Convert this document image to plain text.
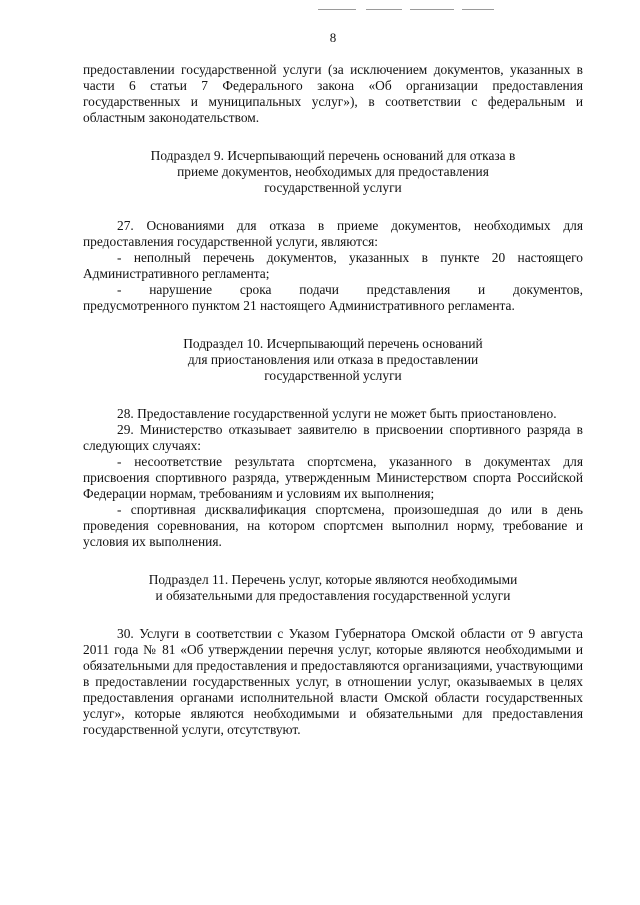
8

предоставлении государственной услуги (за исключением документов, указанных в части 6 статьи 7 Федерального закона «Об организации предоставления государственных и муниципальных услуг»), в соответствии с федеральным и областным законодательством.

Подраздел 9. Исчерпывающий перечень оснований для отказа в

приеме документов, необходимых для предоставления

государственной услуги

27. Основаниями для отказа в приеме документов, необходимых для предоставления государственной услуги, являются:

- неполный перечень документов, указанных в пункте 20 настоящего Административного регламента;

- нарушение срока подачи представления и документов,

предусмотренного пунктом 21 настоящего Административного регламента.

Подраздел 10. Исчерпывающий перечень оснований

для приостановления или отказа в предоставлении

государственной услуги

28. Предоставление государственной услуги не может быть приостановлено.

29. Министерство отказывает заявителю в присвоении спортивного разряда в следующих случаях:

- несоответствие результата спортсмена, указанного в документах для присвоения спортивного разряда, утвержденным Министерством спорта Российской Федерации нормам, требованиям и условиям их выполнения;

- спортивная дисквалификация спортсмена, произошедшая до или в день проведения соревнования, на котором спортсмен выполнил норму, требование и условия их выполнения.

Подраздел 11. Перечень услуг, которые являются необходимыми

и обязательными для предоставления государственной услуги

30. Услуги в соответствии с Указом Губернатора Омской области от 9 августа 2011 года № 81 «Об утверждении перечня услуг, которые являются необходимыми и обязательными для предоставления и предоставляются организациями, участвующими в предоставлении государственных услуг, в отношении услуг, оказываемых в целях предоставления органами исполнительной власти Омской области государственных услуг», которые являются необходимыми и обязательными для предоставления государственной услуги, отсутствуют.
